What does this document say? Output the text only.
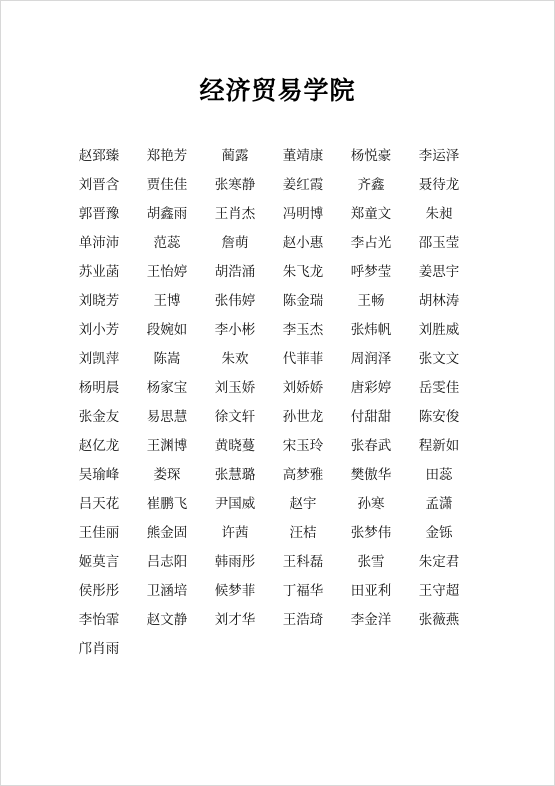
经济贸易学院
赵郅臻	郑艳芳	蔺露	董靖康	杨悦豪	李运泽
刘晋含	贾佳佳	张寒静	姜红霞	齐鑫	聂待龙
郭晋豫	胡鑫雨	王肖杰	冯明博	郑童文	朱昶
单沛沛	范蕊	詹萌	赵小惠	李占光	邵玉莹
苏业菡	王怡婷	胡浩涌	朱飞龙	呼梦莹	姜思宇
刘晓芳	王博	张伟婷	陈金瑞	王畅	胡林涛
刘小芳	段婉如	李小彬	李玉杰	张炜帆	刘胜威
刘凯萍	陈嵩	朱欢	代菲菲	周润泽	张文文
杨明晨	杨家宝	刘玉娇	刘娇娇	唐彩婷	岳雯佳
张金友	易思慧	徐文轩	孙世龙	付甜甜	陈安俊
赵亿龙	王渊博	黄晓蔓	宋玉玲	张春武	程新如
吴瑜峰	娄琛	张慧璐	高梦雅	樊傲华	田蕊
吕天花	崔鹏飞	尹国威	赵宇	孙寒	孟潇
王佳丽	熊金固	许茜	汪桔	张梦伟	金铄
姬莫言	吕志阳	韩雨彤	王科磊	张雪	朱定君
侯彤彤	卫涵培	候梦菲	丁福华	田亚利	王守超
李怡霏	赵文静	刘才华	王浩琦	李金洋	张薇燕
邝肖雨
